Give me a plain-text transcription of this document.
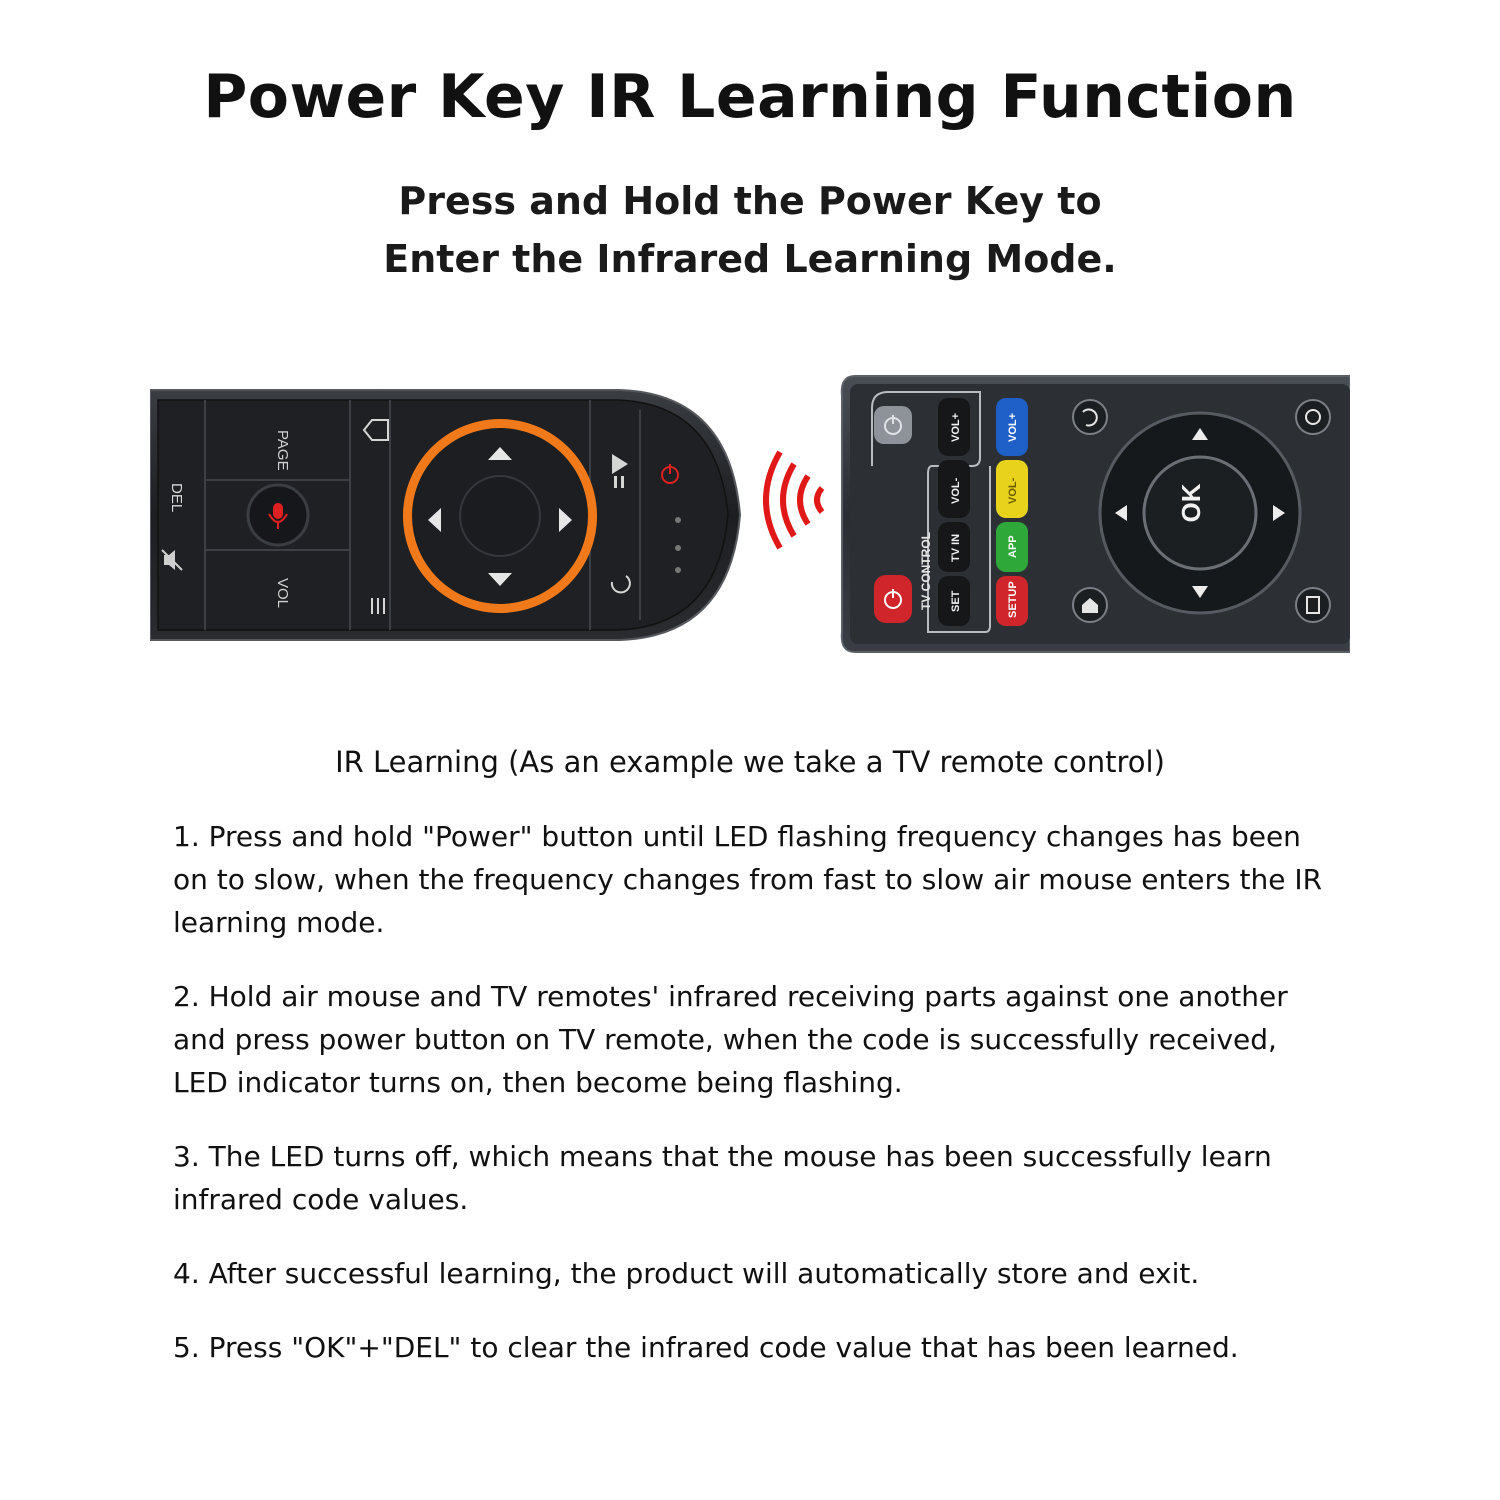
Power Key IR Learning Function
Press and Hold the Power Key to
Enter the Infrared Learning Mode.
DEL
PAGE
VOL	TV CONTROL
VOL+
VOL-
TV IN
SET
VOL+
VOL-
APP
SETUP
OK
IR Learning (As an example we take a TV remote control)

1. Press and hold "Power" button until LED flashing frequency changes has been on to slow, when the frequency changes from fast to slow air mouse enters the IR learning mode.

2. Hold air mouse and TV remotes' infrared receiving parts against one another and press power button on TV remote, when the code is successfully received, LED indicator turns on, then become being flashing.

3. The LED turns off, which means that the mouse has been successfully learn infrared code values.

4. After successful learning, the product will automatically store and exit.

5. Press "OK"+"DEL" to clear the infrared code value that has been learned.
